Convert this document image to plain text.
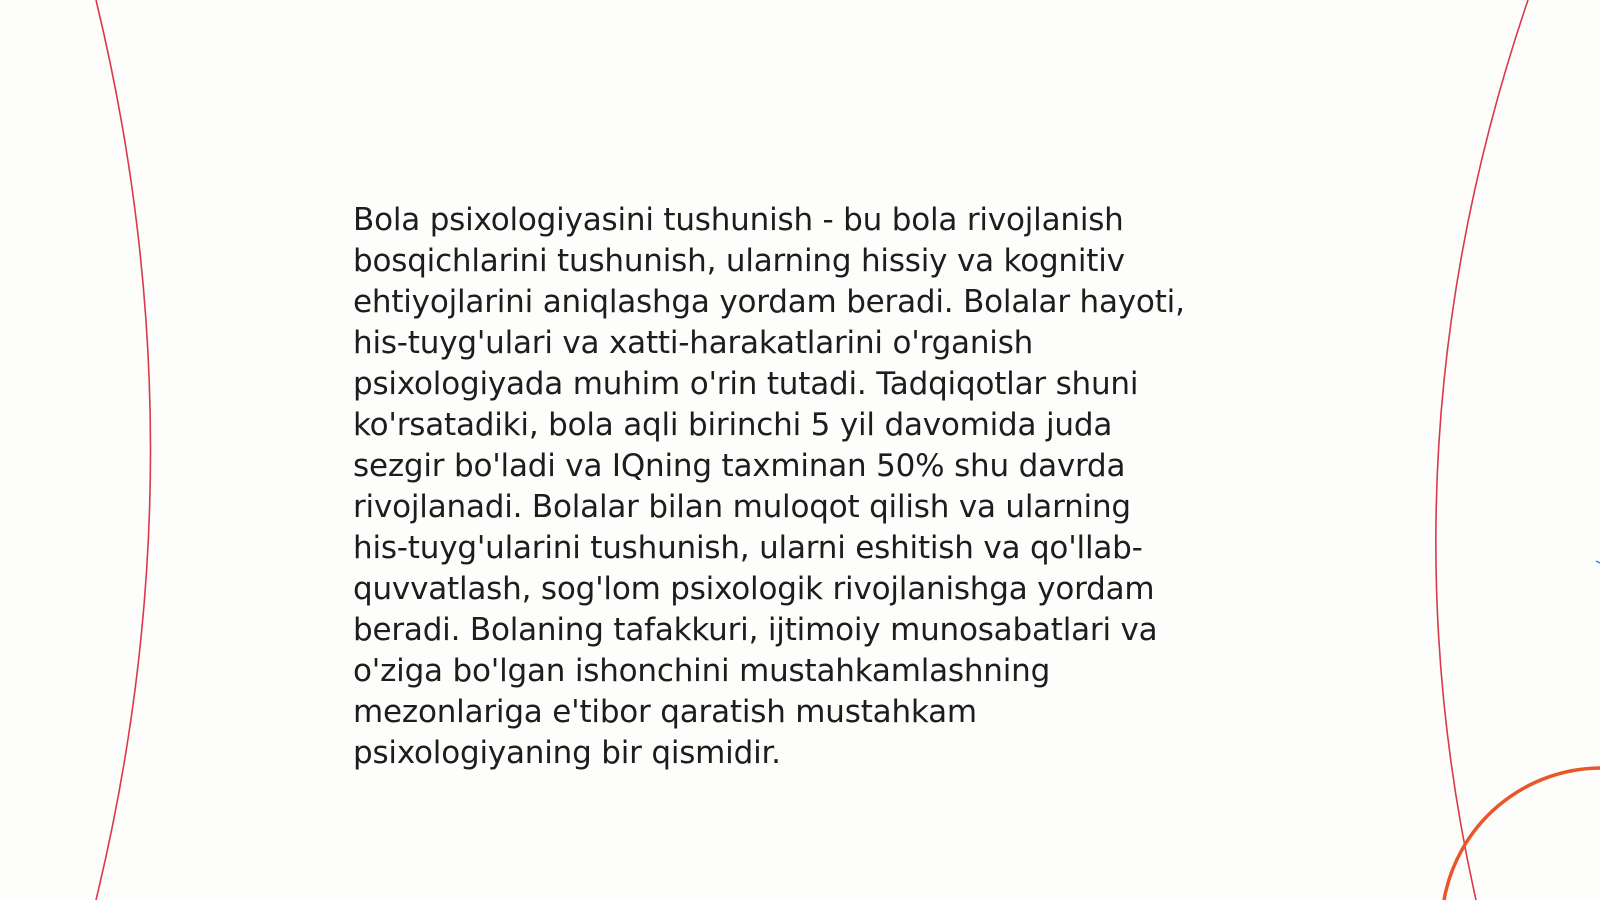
Bola psixologiyasini tushunish - bu bola rivojlanish
bosqichlarini tushunish, ularning hissiy va kognitiv
ehtiyojlarini aniqlashga yordam beradi. Bolalar hayoti,
his-tuyg'ulari va xatti-harakatlarini o'rganish
psixologiyada muhim o'rin tutadi. Tadqiqotlar shuni
ko'rsatadiki, bola aqli birinchi 5 yil davomida juda
sezgir bo'ladi va IQning taxminan 50% shu davrda
rivojlanadi. Bolalar bilan muloqot qilish va ularning
his-tuyg'ularini tushunish, ularni eshitish va qo'llab-
quvvatlash, sog'lom psixologik rivojlanishga yordam
beradi. Bolaning tafakkuri, ijtimoiy munosabatlari va
o'ziga bo'lgan ishonchini mustahkamlashning
mezonlariga e'tibor qaratish mustahkam
psixologiyaning bir qismidir.
